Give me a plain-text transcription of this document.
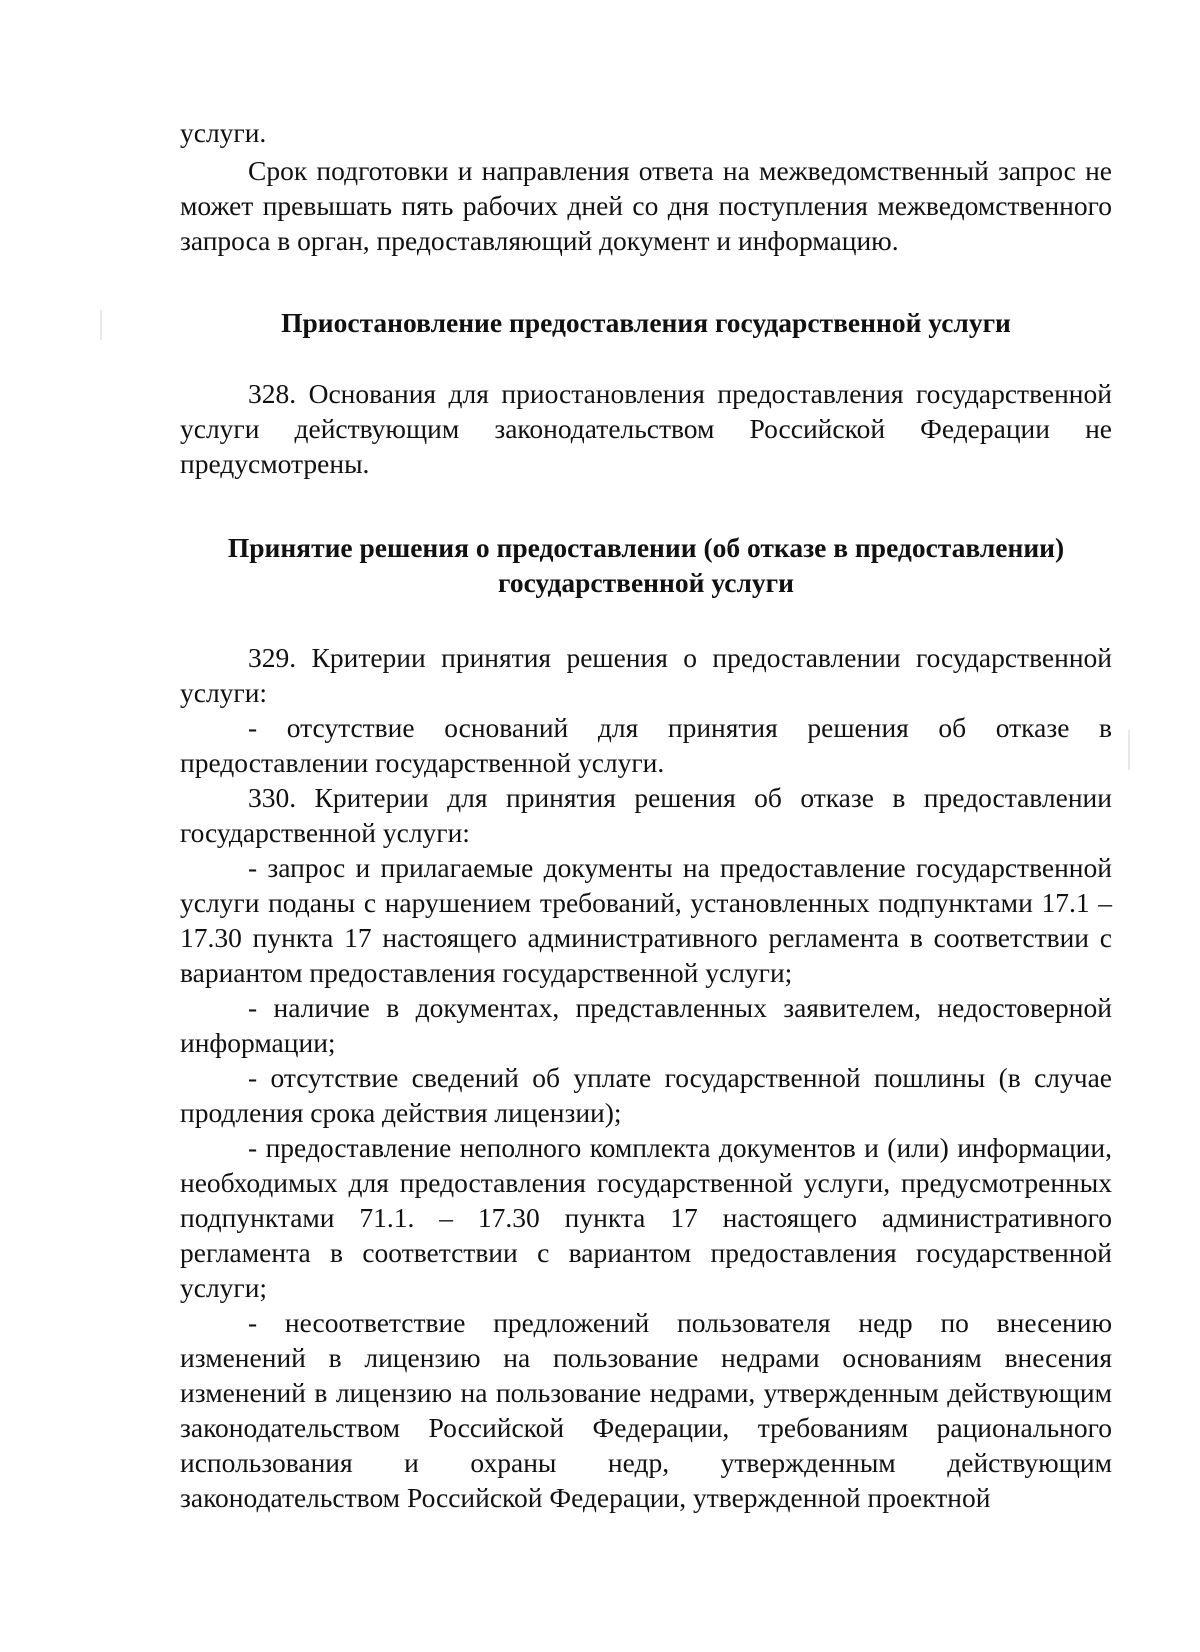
услуги.

Срок подготовки и направления ответа на межведомственный запрос не может превышать пять рабочих дней со дня поступления межведомственного запроса в орган, предоставляющий документ и информацию.

Приостановление предоставления государственной услуги

328. Основания для приостановления предоставления государственной услуги действующим законодательством Российской Федерации не предусмотрены.

Принятие решения о предоставлении (об отказе в предоставлении)
государственной услуги

329. Критерии принятия решения о предоставлении государственной услуги:

- отсутствие оснований для принятия решения об отказе в предоставлении государственной услуги.

330. Критерии для принятия решения об отказе в предоставлении государственной услуги:

- запрос и прилагаемые документы на предоставление государственной услуги поданы с нарушением требований, установленных подпунктами 17.1 – 17.30 пункта 17 настоящего административного регламента в соответствии с вариантом предоставления государственной услуги;

- наличие в документах, представленных заявителем, недостоверной информации;

- отсутствие сведений об уплате государственной пошлины (в случае продления срока действия лицензии);

- предоставление неполного комплекта документов и (или) информации, необходимых для предоставления государственной услуги, предусмотренных подпунктами 71.1. – 17.30 пункта 17 настоящего административного регламента в соответствии с вариантом предоставления государственной услуги;

- несоответствие предложений пользователя недр по внесению изменений в лицензию на пользование недрами основаниям внесения изменений в лицензию на пользование недрами, утвержденным действующим законодательством Российской Федерации, требованиям рационального использования и охраны недр, утвержденным действующим законодательством Российской Федерации, утвержденной проектной
